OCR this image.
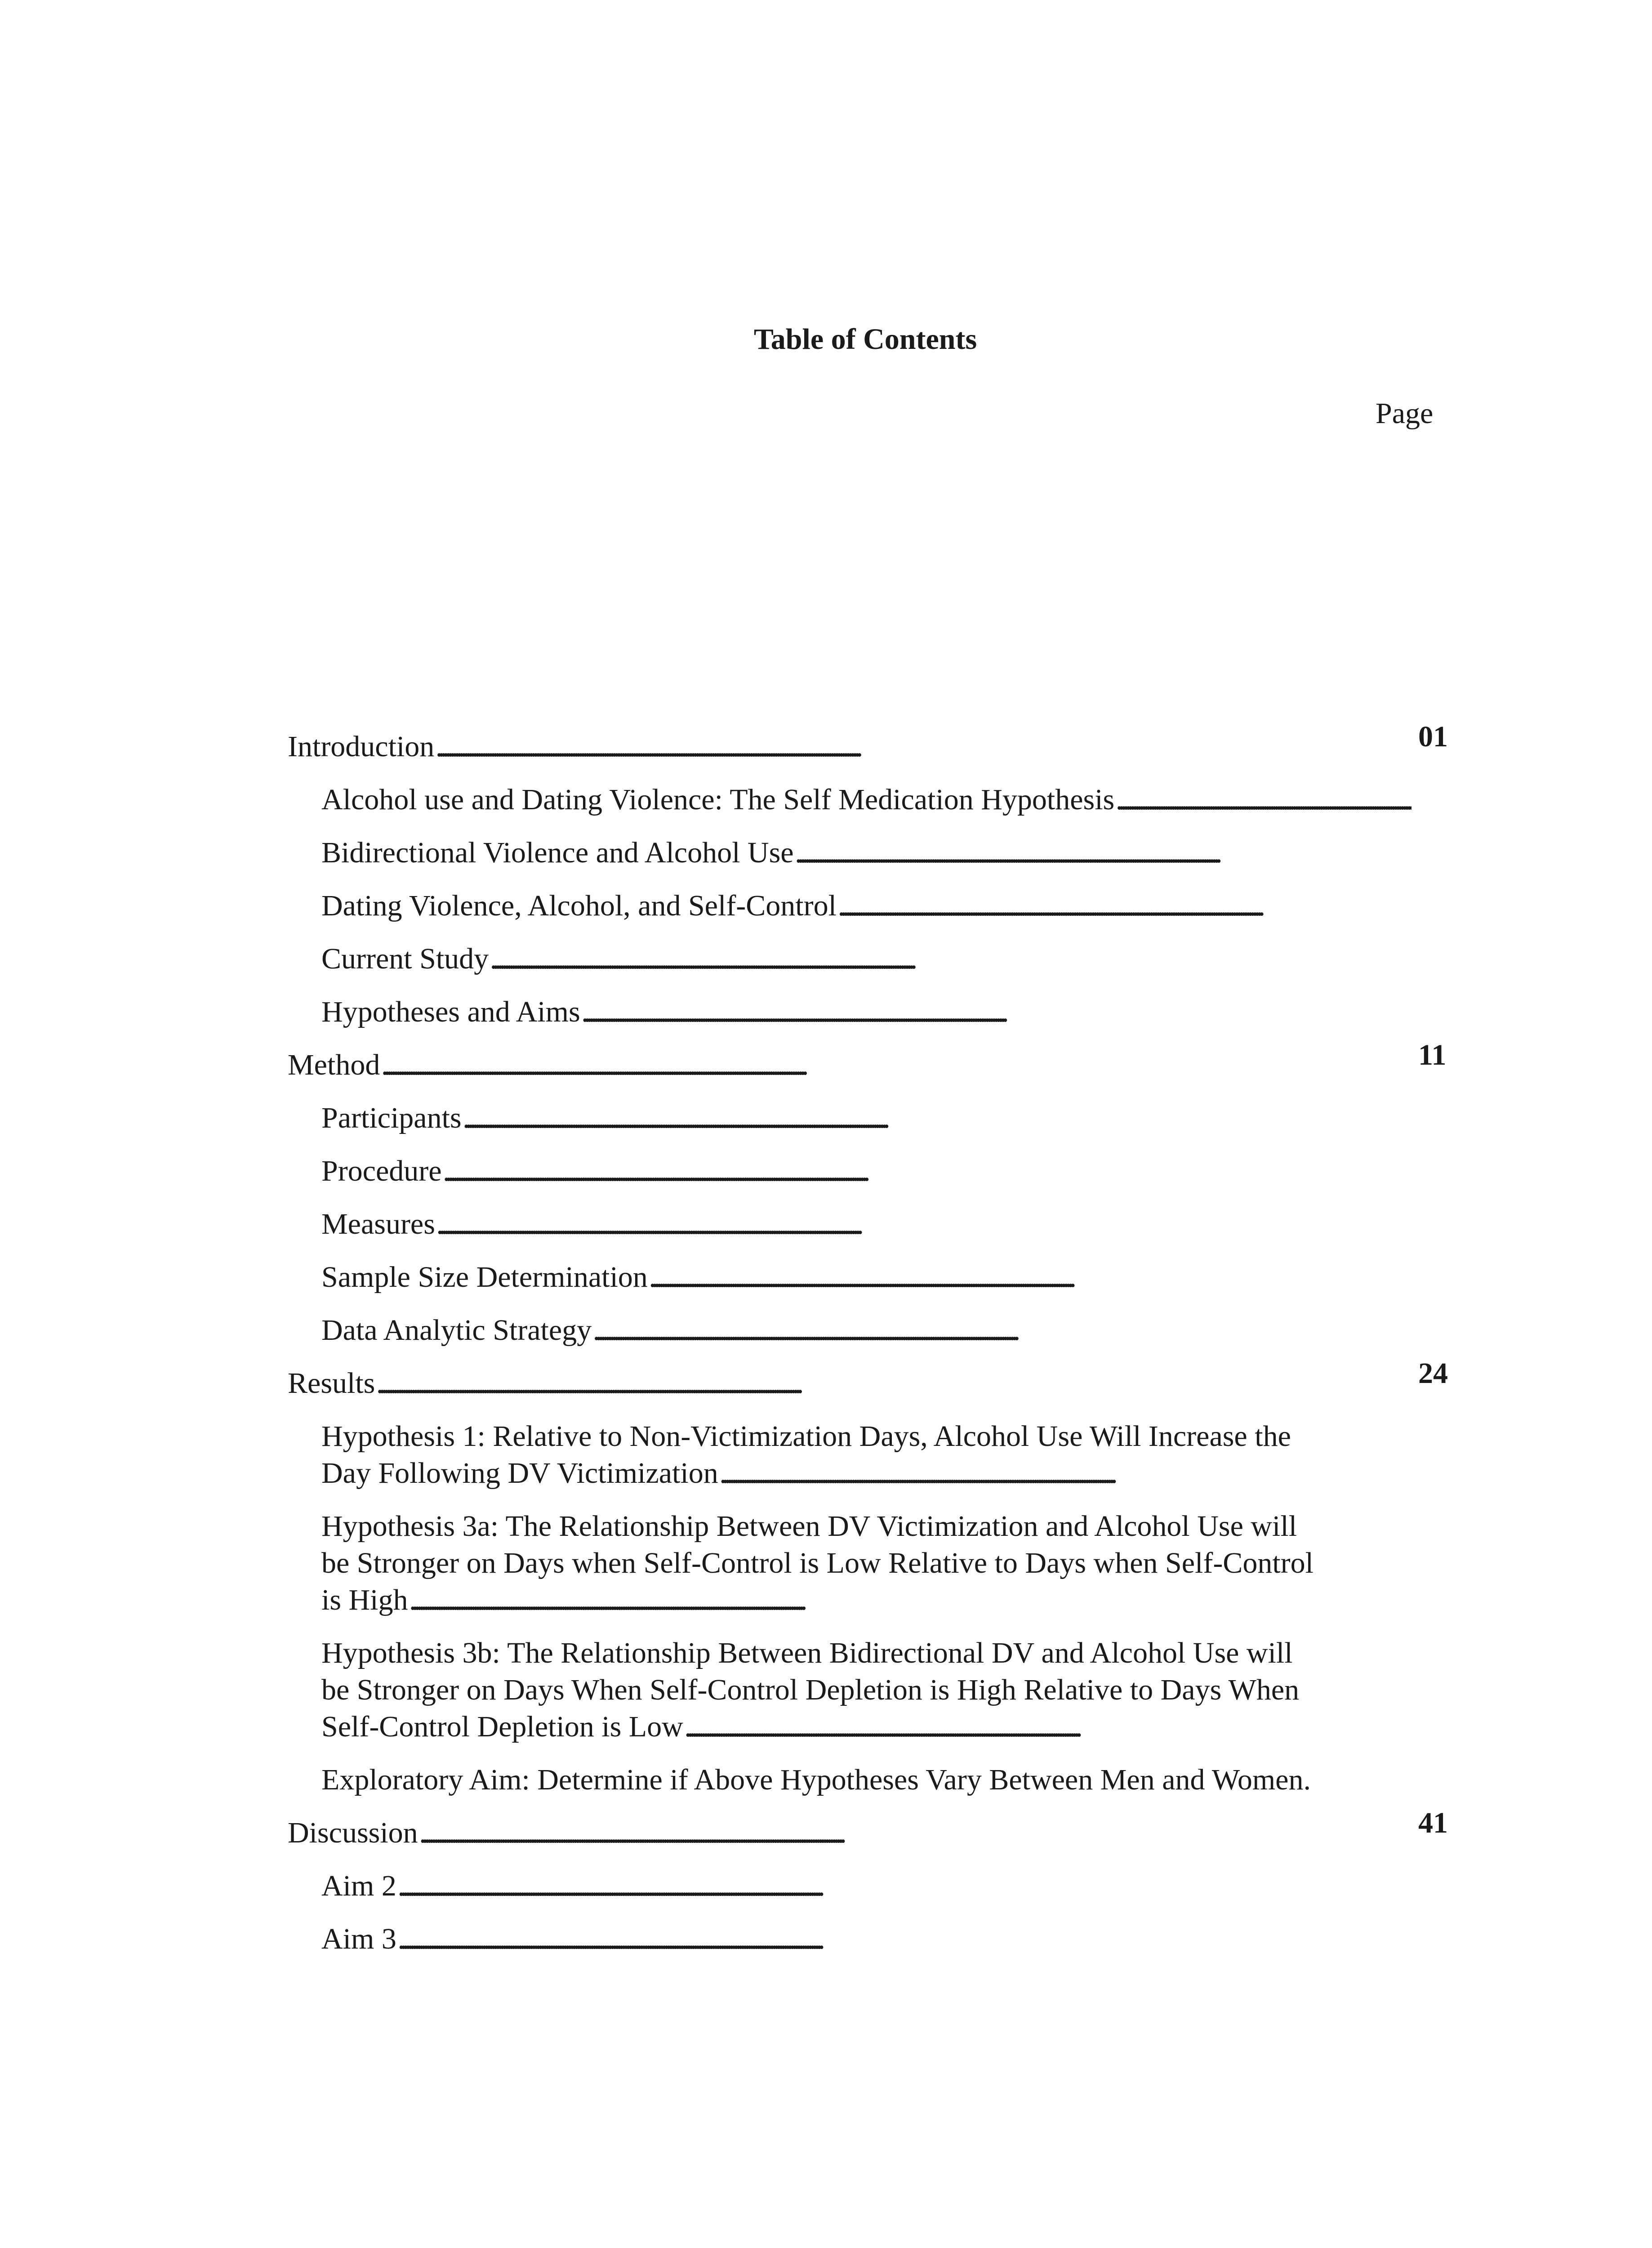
Table of Contents
Page
Introduction . . .	01
Alcohol use and Dating Violence: The Self Medication Hypothesis . . .
Bidirectional Violence and Alcohol Use . . .
Dating Violence, Alcohol, and Self-Control . . .
Current Study . . .
Hypotheses and Aims . . .
Method . . .	11
Participants . . .
Procedure . . .
Measures . . .
Sample Size Determination . . .
Data Analytic Strategy . . .
Results . . .	24
Hypothesis 1: Relative to Non-Victimization Days, Alcohol Use Will Increase the
Day Following DV Victimization . . .
Hypothesis 3a: The Relationship Between DV Victimization and Alcohol Use will
be Stronger on Days when Self-Control is Low Relative to Days when Self-Control
is High . . .
Hypothesis 3b: The Relationship Between Bidirectional DV and Alcohol Use will
be Stronger on Days When Self-Control Depletion is High Relative to Days When
Self-Control Depletion is Low . . .
Exploratory Aim: Determine if Above Hypotheses Vary Between Men and Women.
Discussion . . .	41
Aim 2 . . .
Aim 3 . . .
